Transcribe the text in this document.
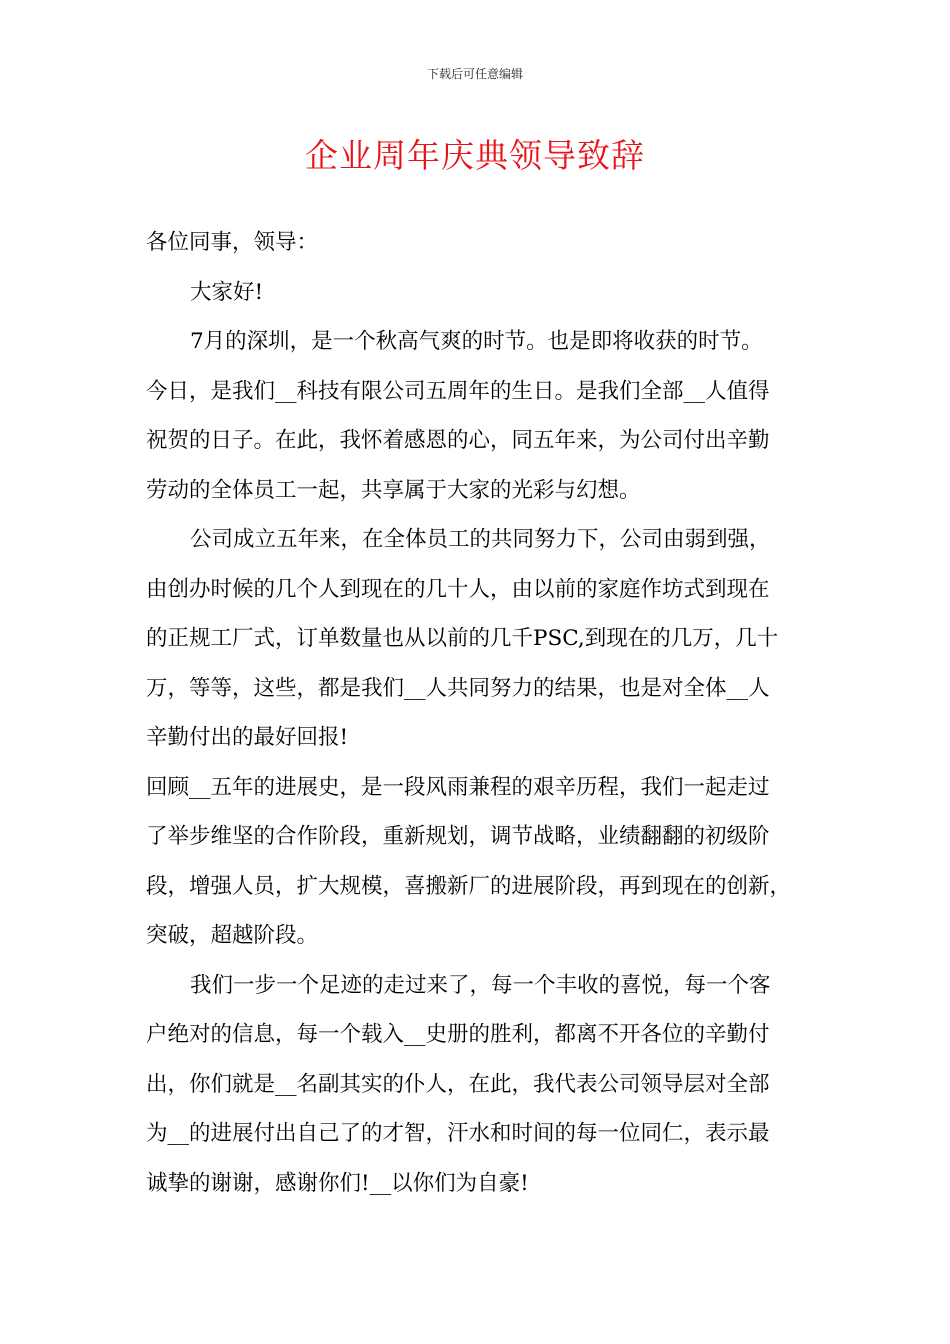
下载后可任意编辑
企业周年庆典领导致辞
各位同事，领导：
大家好!
7月的深圳，是一个秋高气爽的时节。也是即将收获的时节。
今日，是我们__科技有限公司五周年的生日。是我们全部__人值得
祝贺的日子。在此，我怀着感恩的心，同五年来，为公司付出辛勤
劳动的全体员工一起，共享属于大家的光彩与幻想。
公司成立五年来，在全体员工的共同努力下，公司由弱到强，
由创办时候的几个人到现在的几十人，由以前的家庭作坊式到现在
的正规工厂式，订单数量也从以前的几千PSC,到现在的几万，几十
万，等等，这些，都是我们__人共同努力的结果，也是对全体__人
辛勤付出的最好回报!
回顾__五年的进展史，是一段风雨兼程的艰辛历程，我们一起走过
了举步维坚的合作阶段，重新规划，调节战略，业绩翻翻的初级阶
段，增强人员，扩大规模，喜搬新厂的进展阶段，再到现在的创新，
突破，超越阶段。
我们一步一个足迹的走过来了，每一个丰收的喜悦，每一个客
户绝对的信息，每一个载入__史册的胜利，都离不开各位的辛勤付
出，你们就是__名副其实的仆人，在此，我代表公司领导层对全部
为__的进展付出自己了的才智，汗水和时间的每一位同仁，表示最
诚挚的谢谢，感谢你们!__以你们为自豪!
